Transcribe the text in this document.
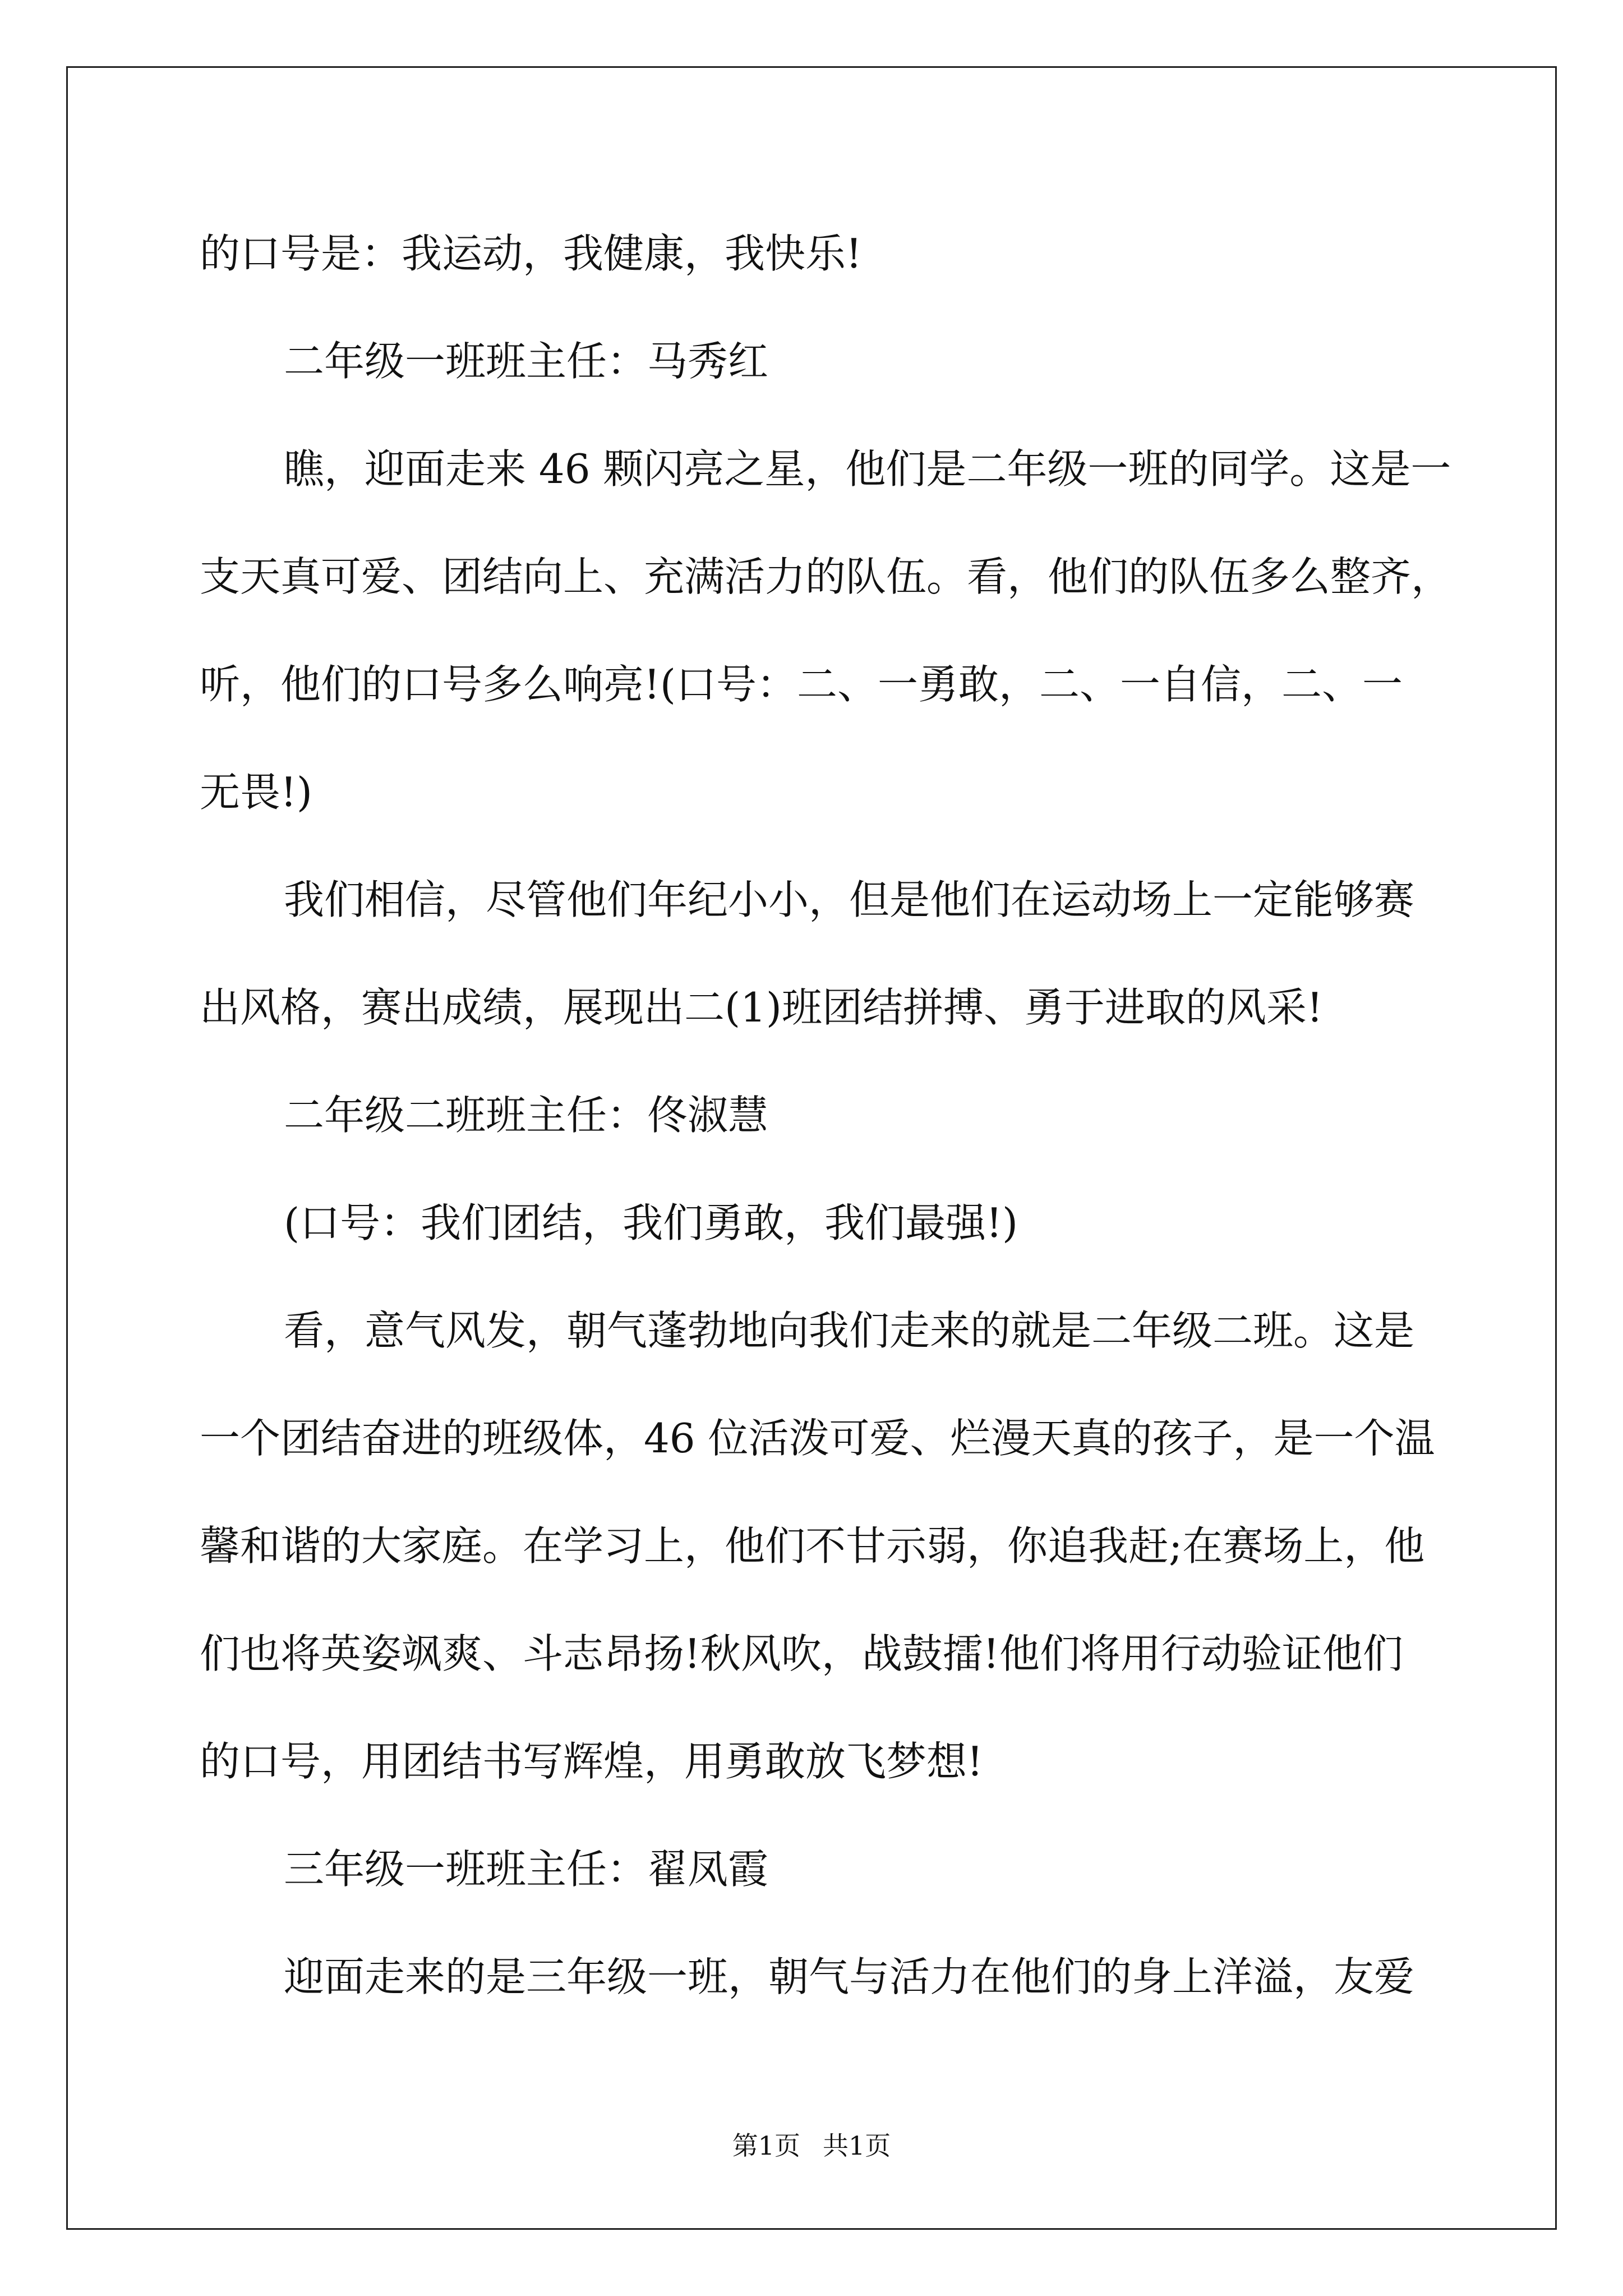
的口号是：我运动，我健康，我快乐!
二年级一班班主任：马秀红
瞧，迎面走来 46 颗闪亮之星，他们是二年级一班的同学。这是一
支天真可爱、团结向上、充满活力的队伍。看，他们的队伍多么整齐，
听，他们的口号多么响亮!(口号：二、一勇敢，二、一自信，二、一
无畏!)
我们相信，尽管他们年纪小小，但是他们在运动场上一定能够赛
出风格，赛出成绩，展现出二(1)班团结拼搏、勇于进取的风采!
二年级二班班主任：佟淑慧
(口号：我们团结，我们勇敢，我们最强!)
看，意气风发，朝气蓬勃地向我们走来的就是二年级二班。这是
一个团结奋进的班级体，46 位活泼可爱、烂漫天真的孩子，是一个温
馨和谐的大家庭。在学习上，他们不甘示弱，你追我赶;在赛场上，他
们也将英姿飒爽、斗志昂扬!秋风吹，战鼓擂!他们将用行动验证他们
的口号，用团结书写辉煌，用勇敢放飞梦想!
三年级一班班主任：翟凤霞
迎面走来的是三年级一班，朝气与活力在他们的身上洋溢，友爱
第1页 共1页
